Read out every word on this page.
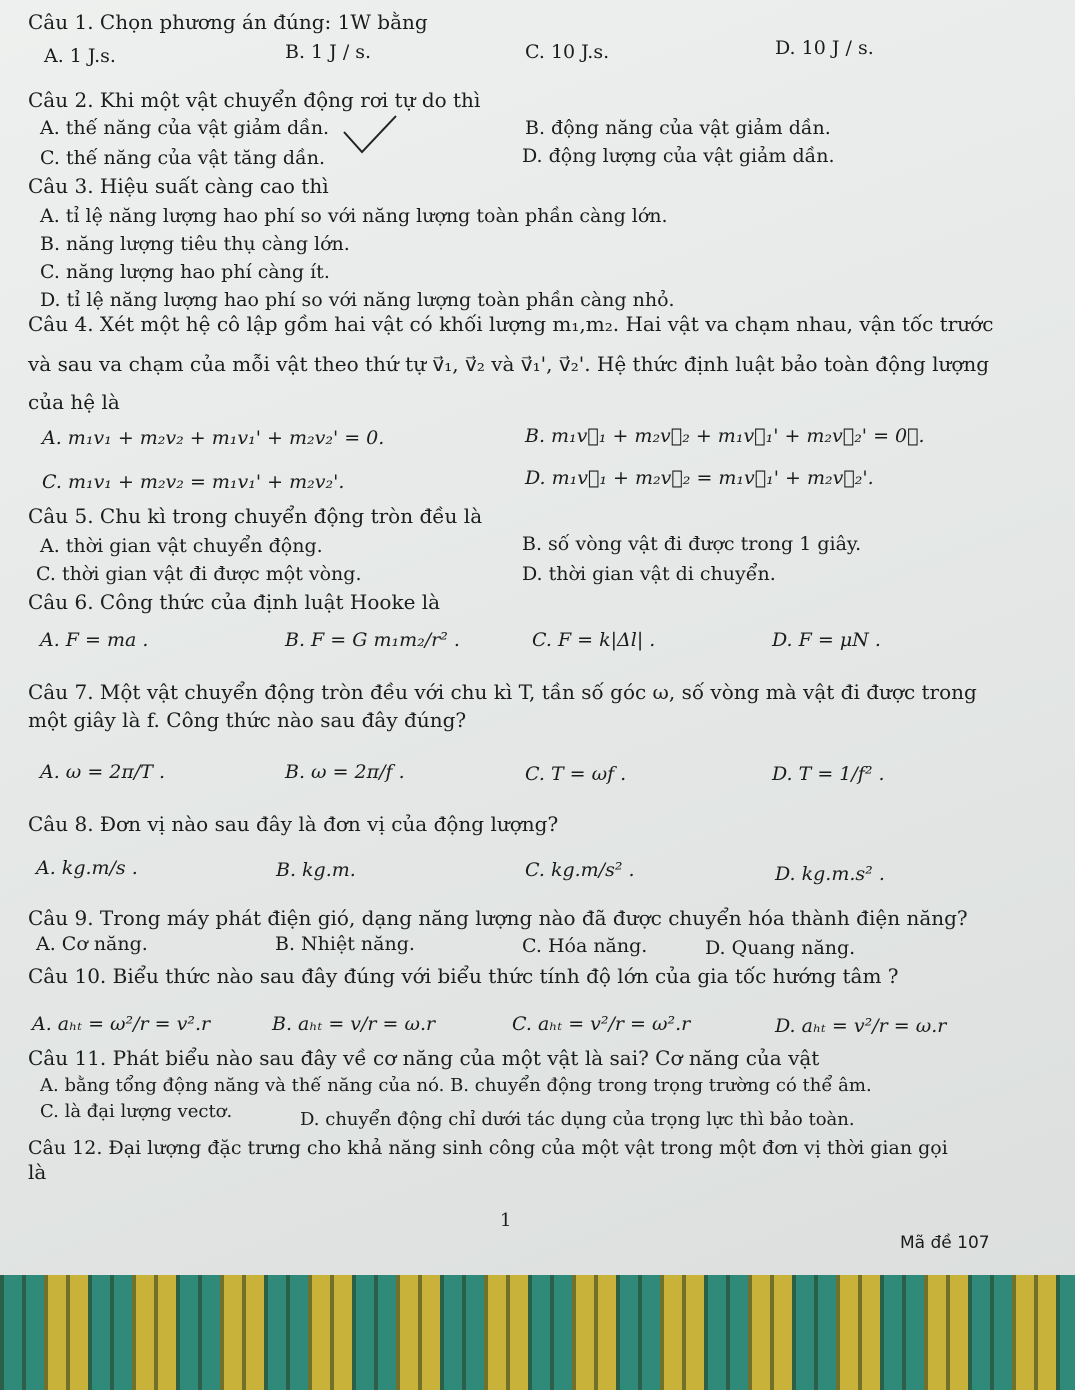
Câu 1. Chọn phương án đúng: 1W bằng
A. 1 J.s.	B. 1 J / s.	C. 10 J.s.	D. 10 J / s.
Câu 2. Khi một vật chuyển động rơi tự do thì
A. thế năng của vật giảm dần.	B. động năng của vật giảm dần.
C. thế năng của vật tăng dần.	D. động lượng của vật giảm dần.
Câu 3. Hiệu suất càng cao thì
A. tỉ lệ năng lượng hao phí so với năng lượng toàn phần càng lớn.
B. năng lượng tiêu thụ càng lớn.
C. năng lượng hao phí càng ít.
D. tỉ lệ năng lượng hao phí so với năng lượng toàn phần càng nhỏ.
Câu 4. Xét một hệ cô lập gồm hai vật có khối lượng m₁,m₂. Hai vật va chạm nhau, vận tốc trước
và sau va chạm của mỗi vật theo thứ tự v⃗₁, v⃗₂ và v⃗₁', v⃗₂'. Hệ thức định luật bảo toàn động lượng
của hệ là
A. m₁v₁ + m₂v₂ + m₁v₁' + m₂v₂' = 0.	B. m₁v⃗₁ + m₂v⃗₂ + m₁v⃗₁' + m₂v⃗₂' = 0⃗.
C. m₁v₁ + m₂v₂ = m₁v₁' + m₂v₂'.	D. m₁v⃗₁ + m₂v⃗₂ = m₁v⃗₁' + m₂v⃗₂'.
Câu 5. Chu kì trong chuyển động tròn đều là
A. thời gian vật chuyển động.	B. số vòng vật đi được trong 1 giây.
C. thời gian vật đi được một vòng.	D. thời gian vật di chuyển.
Câu 6. Công thức của định luật Hooke là
A. F = ma .	B. F = G m₁m₂/r² .	C. F = k|Δl| .	D. F = μN .
Câu 7. Một vật chuyển động tròn đều với chu kì T, tần số góc ω, số vòng mà vật đi được trong
một giây là f. Công thức nào sau đây đúng?
A. ω = 2π/T .	B. ω = 2π/f .	C. T = ωf .	D. T = 1/f² .
Câu 8. Đơn vị nào sau đây là đơn vị của động lượng?
A. kg.m/s .	B. kg.m.	C. kg.m/s² .	D. kg.m.s² .
Câu 9. Trong máy phát điện gió, dạng năng lượng nào đã được chuyển hóa thành điện năng?
A. Cơ năng.	B. Nhiệt năng.	C. Hóa năng.	D. Quang năng.
Câu 10. Biểu thức nào sau đây đúng với biểu thức tính độ lớn của gia tốc hướng tâm ?
A. aₕₜ = ω²/r = v².r	B. aₕₜ = v/r = ω.r	C. aₕₜ = v²/r = ω².r	D. aₕₜ = v²/r = ω.r
Câu 11. Phát biểu nào sau đây về cơ năng của một vật là sai? Cơ năng của vật
A. bằng tổng động năng và thế năng của nó. B. chuyển động trong trọng trường có thể âm.
C. là đại lượng vectơ.	D. chuyển động chỉ dưới tác dụng của trọng lực thì bảo toàn.
Câu 12. Đại lượng đặc trưng cho khả năng sinh công của một vật trong một đơn vị thời gian gọi
là
1
Mã đề 107
